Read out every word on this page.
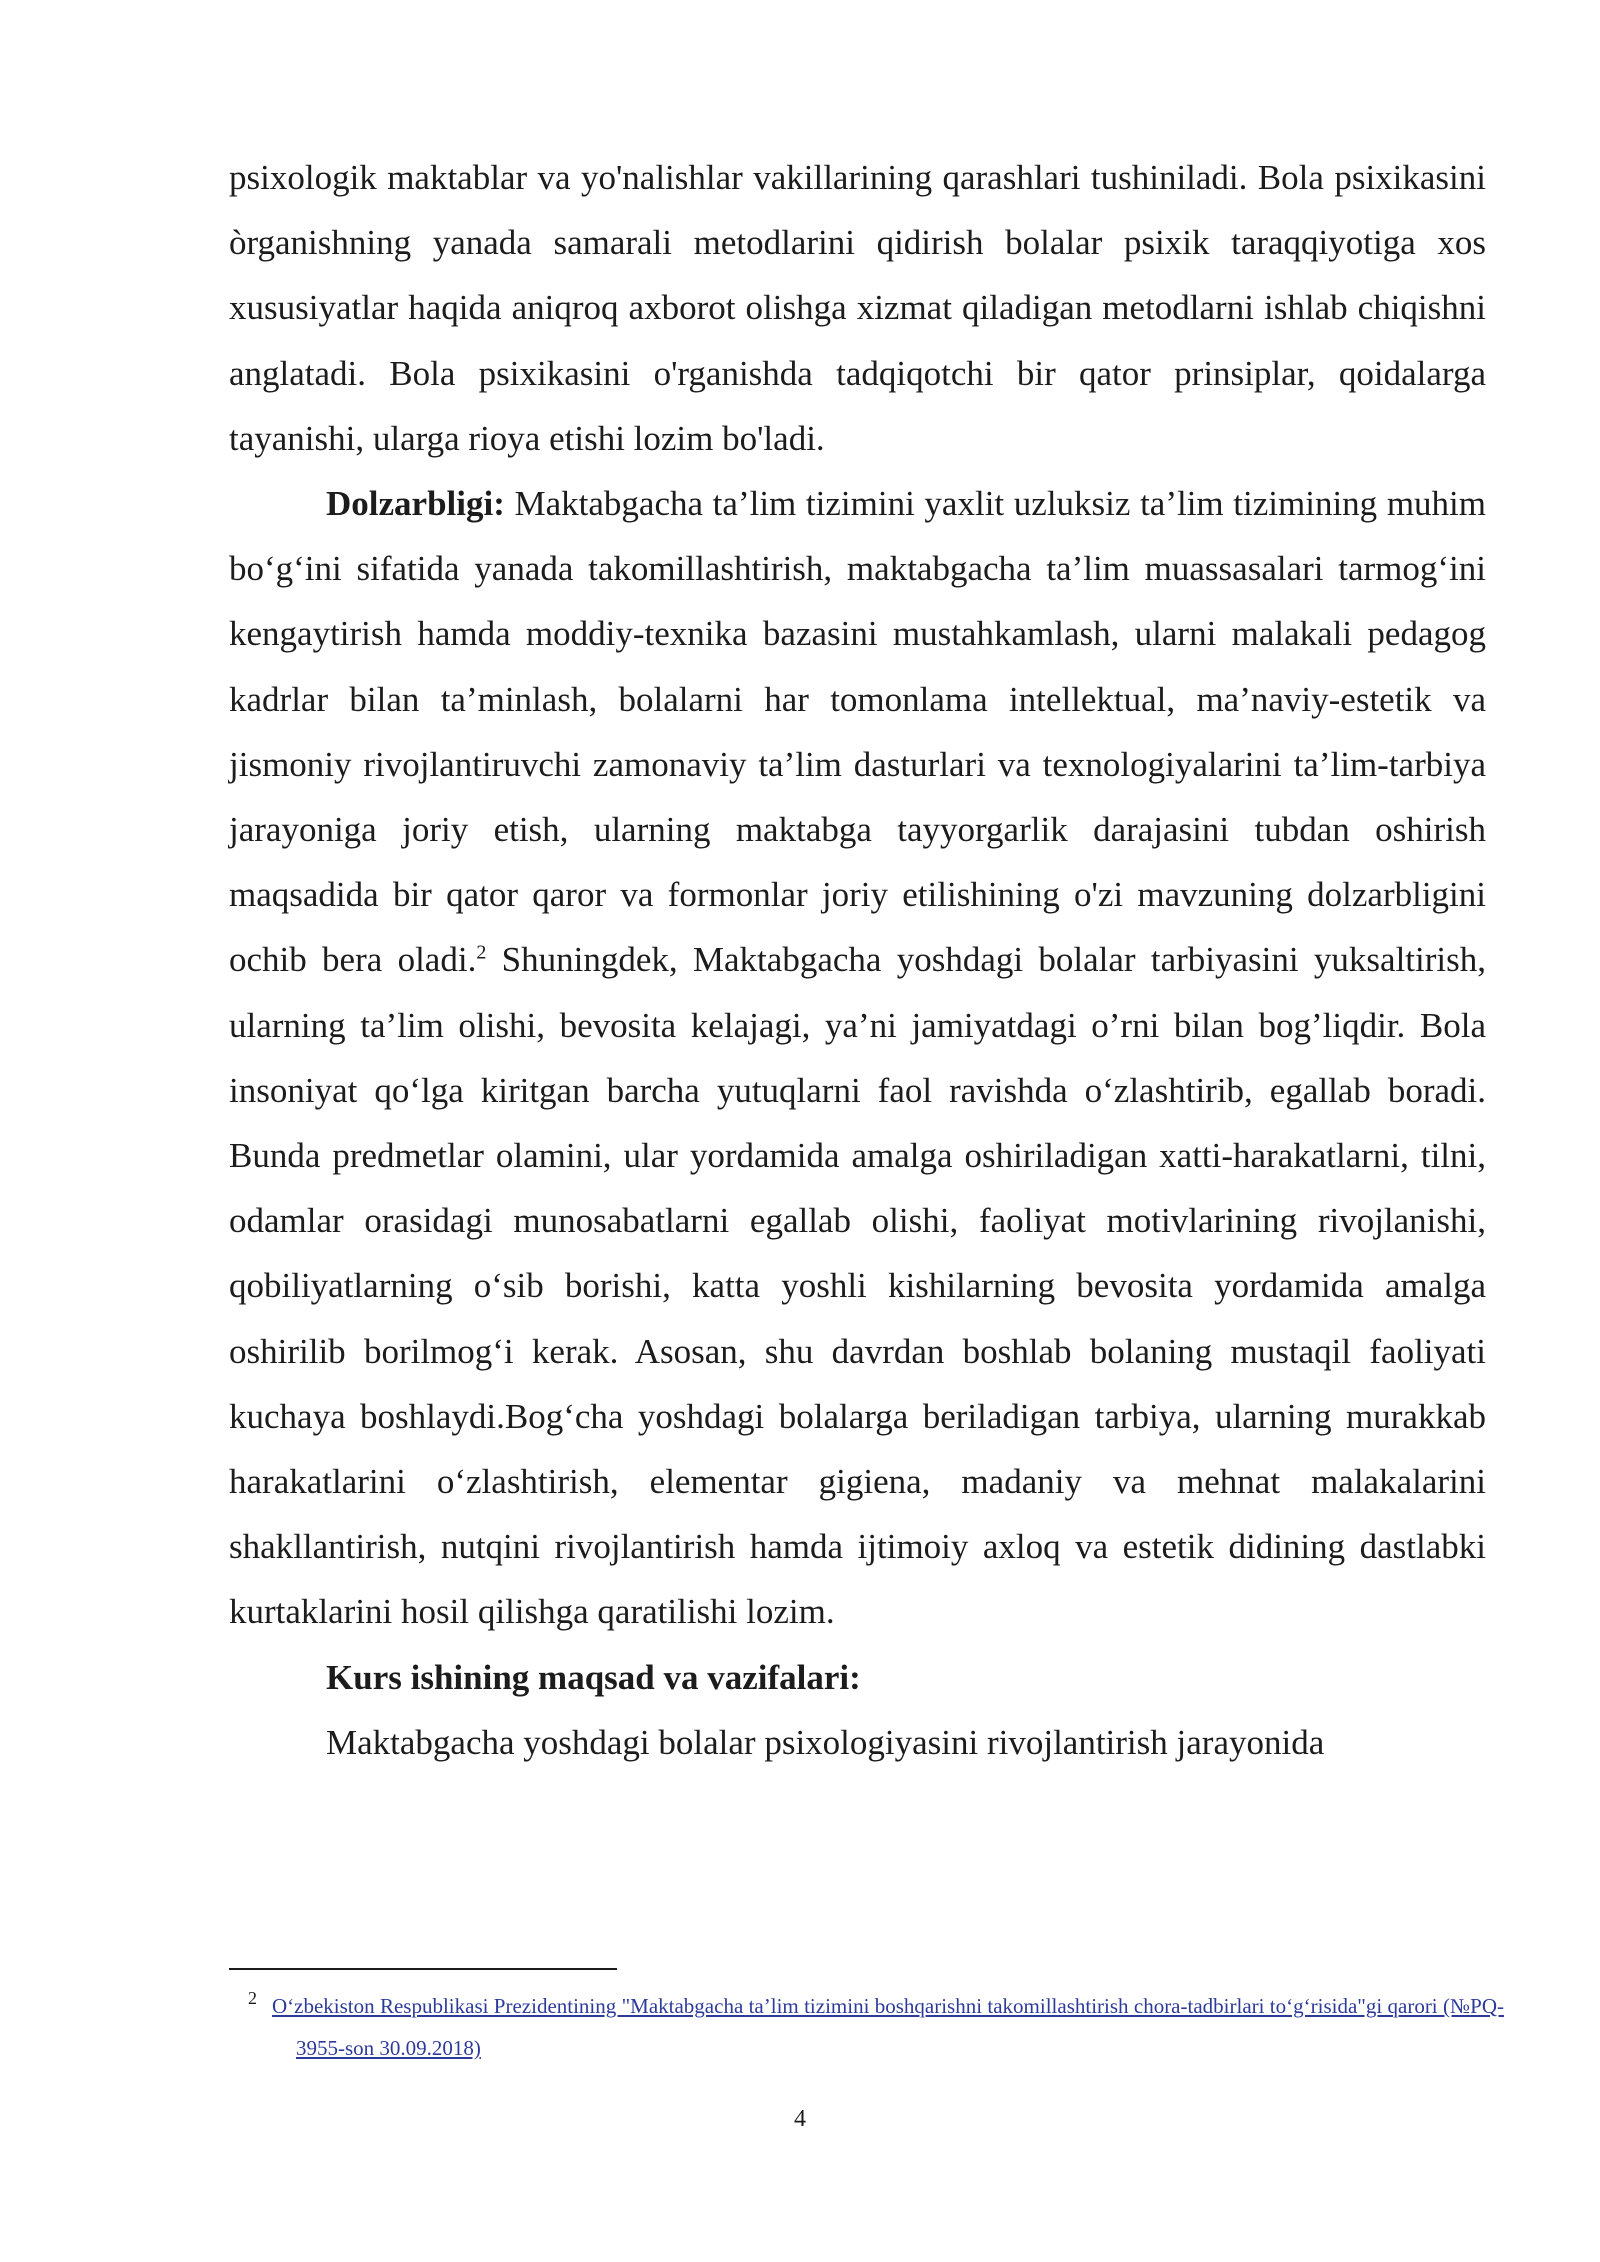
psixologik maktablar va yo'nalishlar vakillarining qarashlari tushiniladi. Bola psixikasini òrganishning yanada samarali metodlarini qidirish bolalar psixik taraqqiyotiga xos xususiyatlar haqida aniqroq axborot olishga xizmat qiladigan metodlarni ishlab chiqishni anglatadi. Bola psixikasini o'rganishda tadqiqotchi bir qator prinsiplar, qoidalarga tayanishi, ularga rioya etishi lozim bo'ladi.

Dolzarbligi: Maktabgacha ta’lim tizimini yaxlit uzluksiz ta’lim tizimining muhim bo‘g‘ini sifatida yanada takomillashtirish, maktabgacha ta’lim muassasalari tarmog‘ini kengaytirish hamda moddiy-texnika bazasini mustahkamlash, ularni malakali pedagog kadrlar bilan ta’minlash, bolalarni har tomonlama intellektual, ma’naviy-estetik va jismoniy rivojlantiruvchi zamonaviy ta’lim dasturlari va texnologiyalarini ta’lim-tarbiya jarayoniga joriy etish, ularning maktabga tayyorgarlik darajasini tubdan oshirish maqsadida bir qator qaror va formonlar joriy etilishining o'zi mavzuning dolzarbligini ochib bera oladi.$^2$ Shuningdek, Maktabgacha yoshdagi bolalar tarbiyasini yuksaltirish, ularning ta’lim olishi, bevosita kelajagi, ya’ni jamiyatdagi o’rni bilan bog’liqdir. Bola insoniyat qo‘lga kiritgan barcha yutuqlarni faol ravishda o‘zlashtirib, egallab boradi. Bunda predmetlar olamini, ular yordamida amalga oshiriladigan xatti-harakatlarni, tilni, odamlar orasidagi munosabatlarni egallab olishi, faoliyat motivlarining rivojlanishi, qobiliyatlarning o‘sib borishi, katta yoshli kishilarning bevosita yordamida amalga oshirilib borilmog‘i kerak. Asosan, shu davrdan boshlab bolaning mustaqil faoliyati kuchaya boshlaydi.Bog‘cha yoshdagi bolalarga beriladigan tarbiya, ularning murakkab harakatlarini o‘zlashtirish, elementar gigiena, madaniy va mehnat malakalarini shakllantirish, nutqini rivojlantirish hamda ijtimoiy axloq va estetik didining dastlabki kurtaklarini hosil qilishga qaratilishi lozim.

Kurs ishining maqsad va vazifalari:

Maktabgacha yoshdagi bolalar psixologiyasini rivojlantirish jarayonida

2 O‘zbekiston Respublikasi Prezidentining "Maktabgacha ta’lim tizimini boshqarishni takomillashtirish chora-tadbirlari to‘g‘risida"gi qarori (№PQ-3955-son 30.09.2018)
4
